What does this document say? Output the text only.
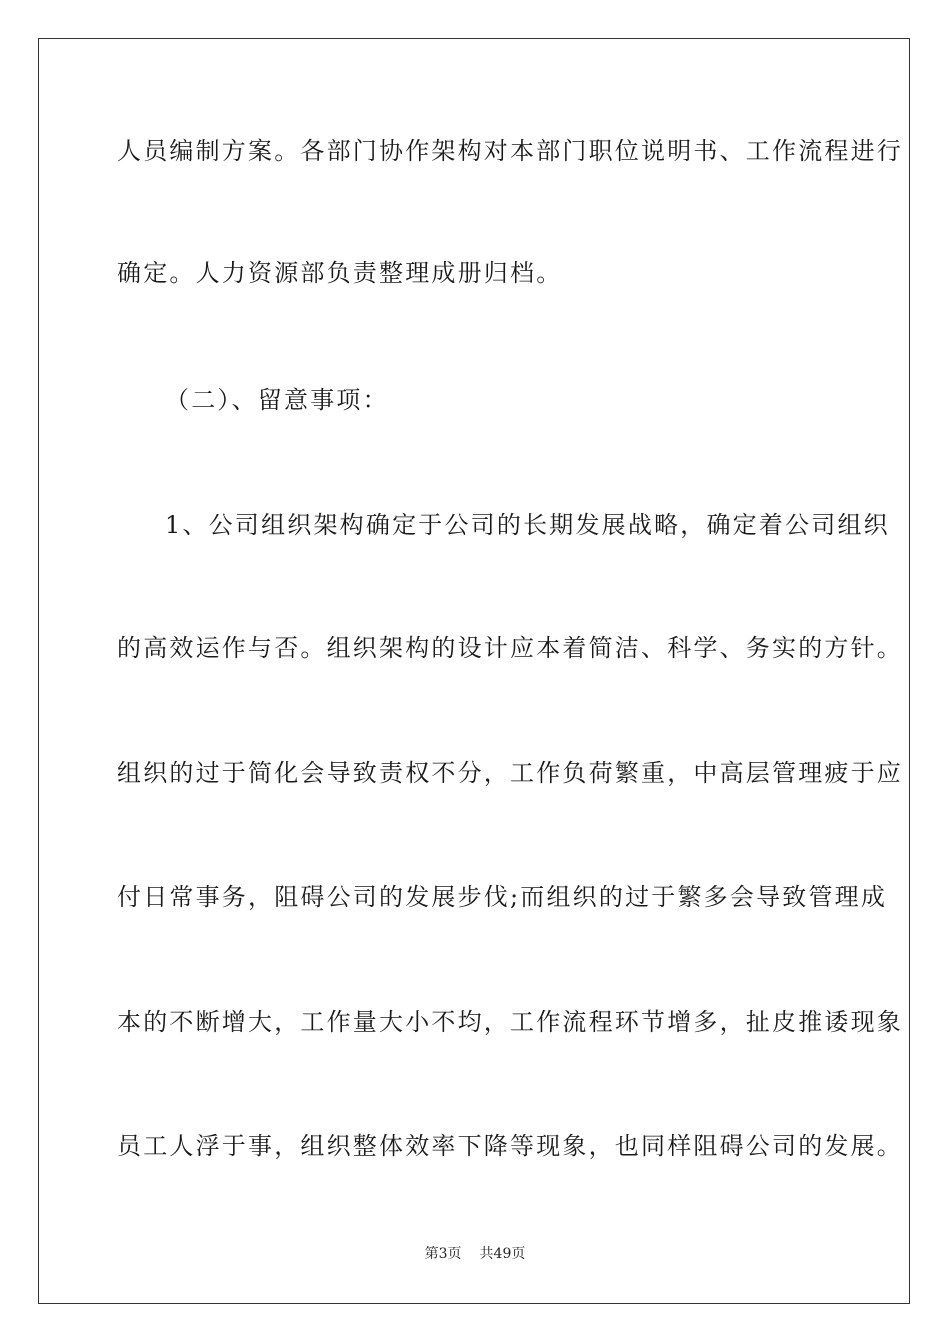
人员编制方案。各部门协作架构对本部门职位说明书、工作流程进行
确定。人力资源部负责整理成册归档。
（二）、留意事项：
1、公司组织架构确定于公司的长期发展战略，确定着公司组织
的高效运作与否。组织架构的设计应本着简洁、科学、务实的方针。
组织的过于简化会导致责权不分，工作负荷繁重，中高层管理疲于应
付日常事务，阻碍公司的发展步伐;而组织的过于繁多会导致管理成
本的不断增大，工作量大小不均，工作流程环节增多，扯皮推诿现象
员工人浮于事，组织整体效率下降等现象，也同样阻碍公司的发展。
第3页 共49页
